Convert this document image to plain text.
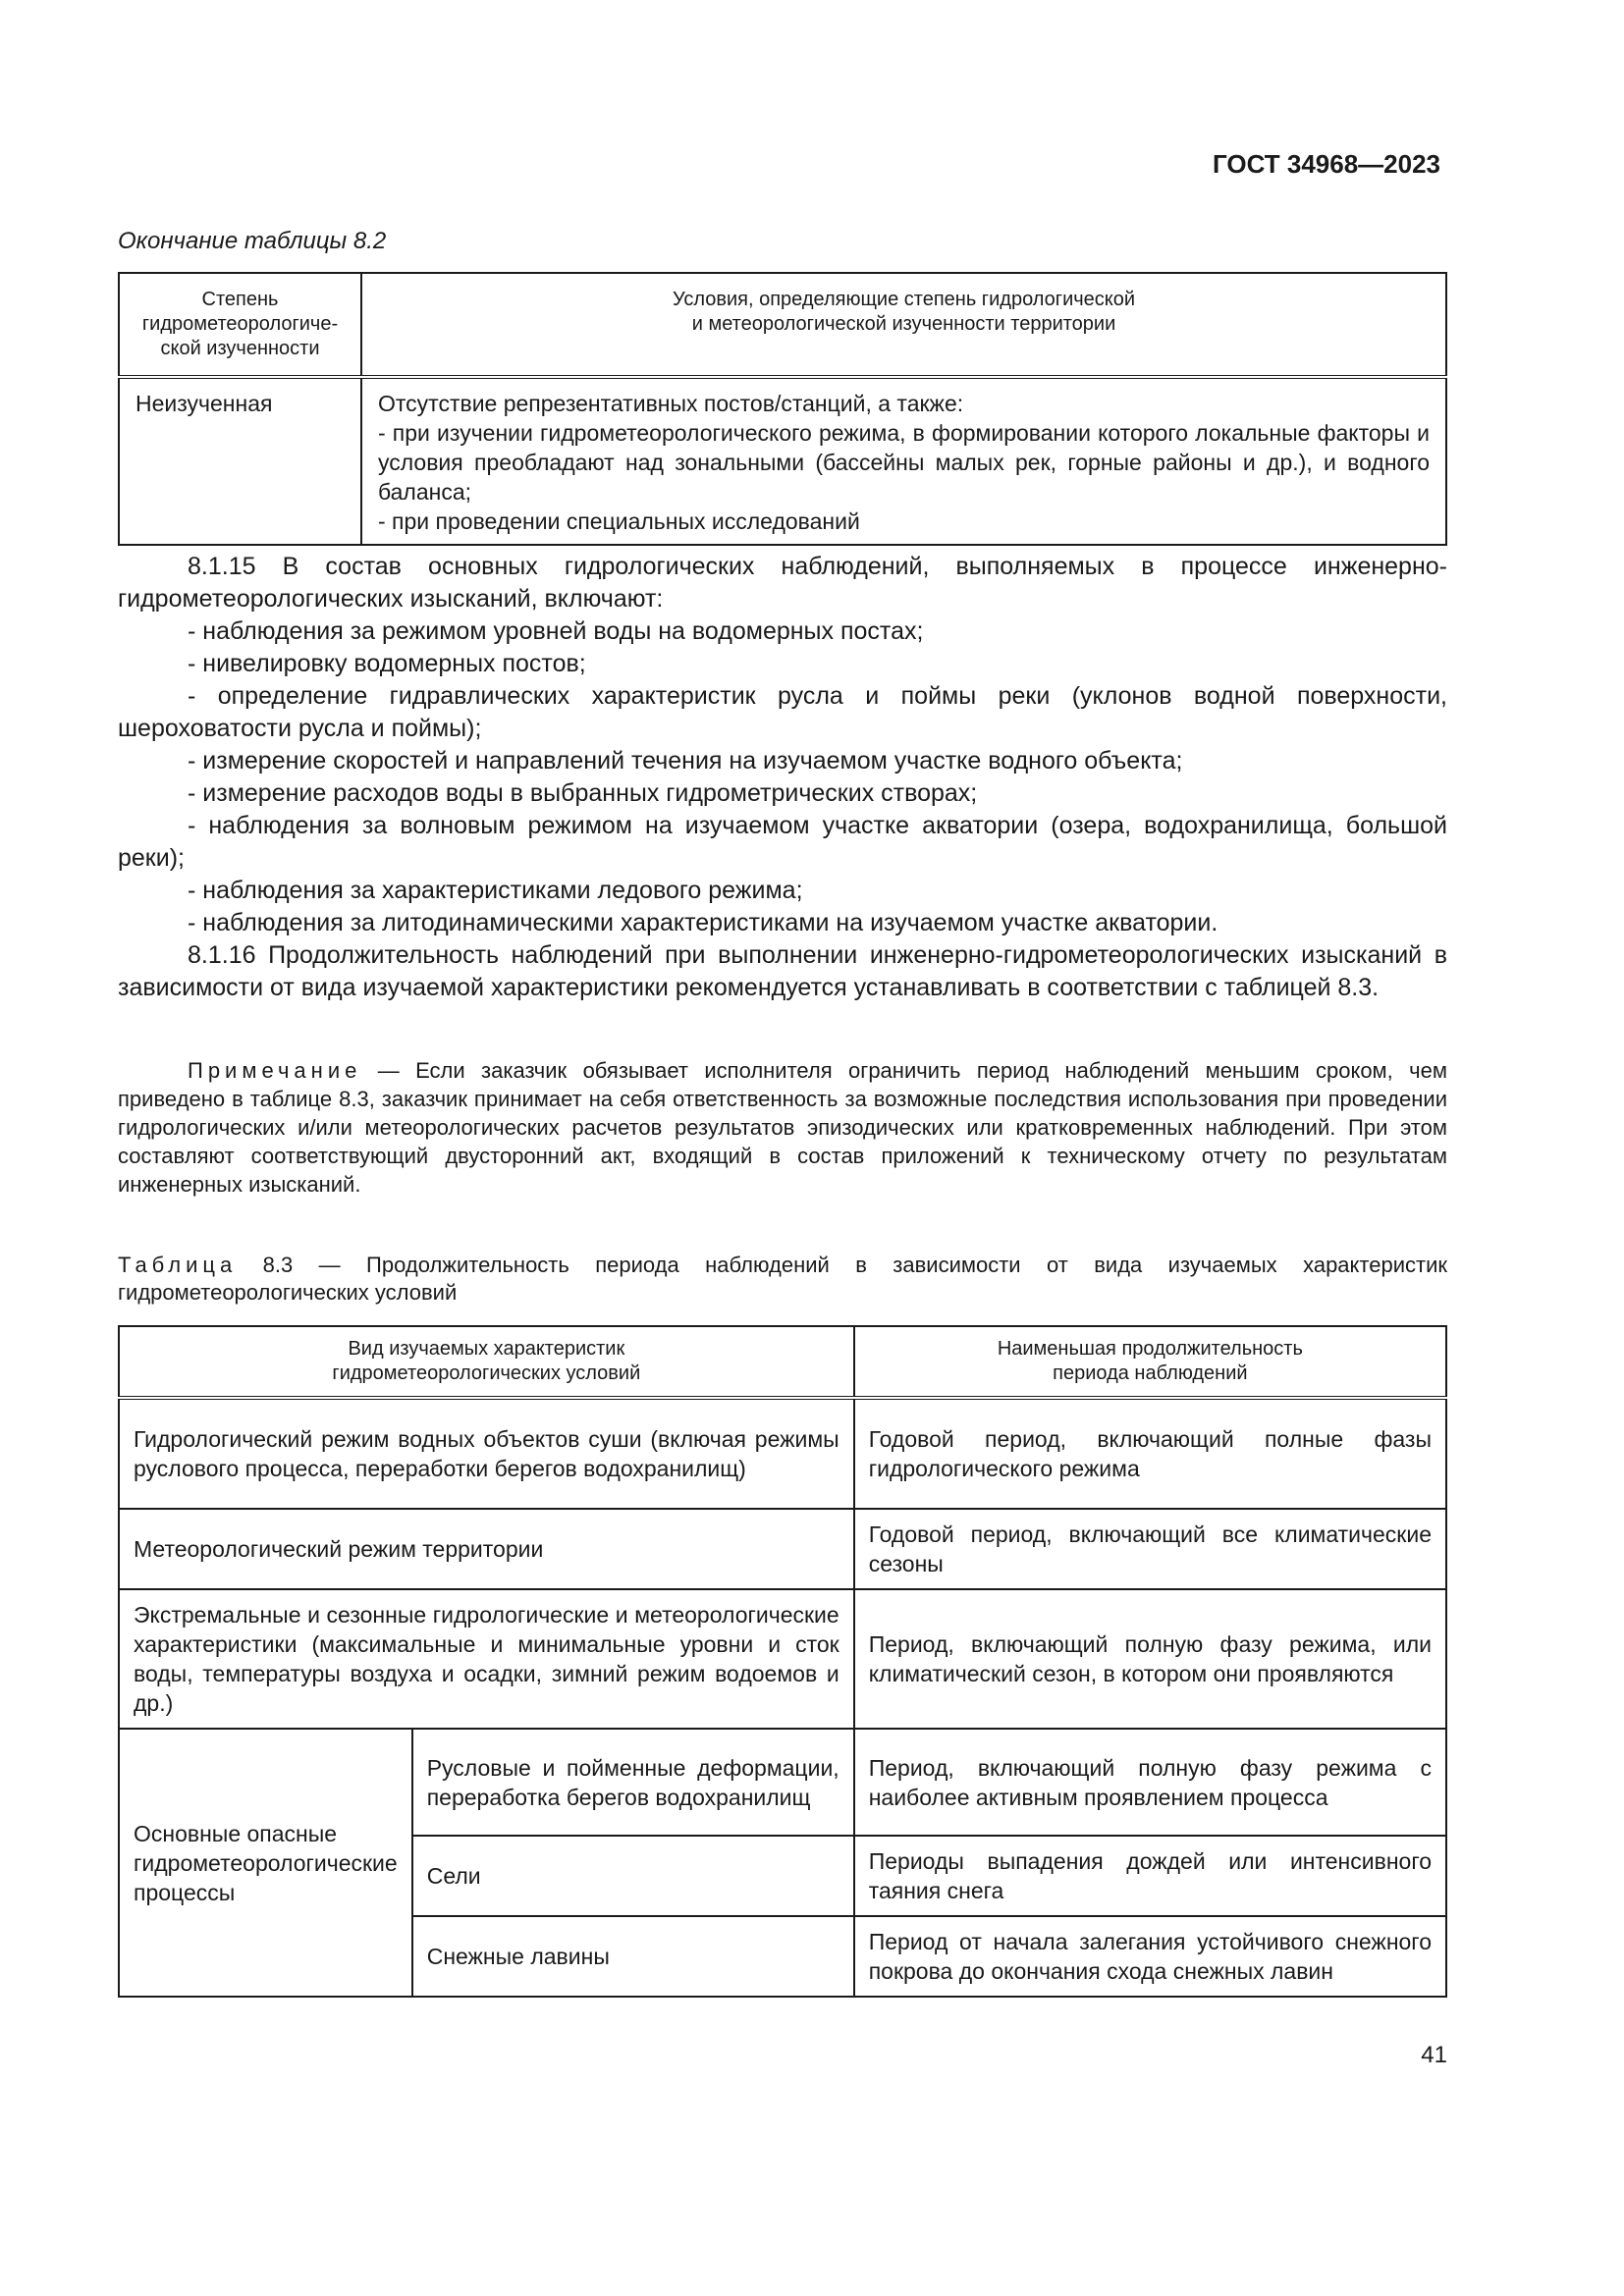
ГОСТ 34968—2023
Окончание таблицы 8.2
Степень гидрометеорологиче-
ской изученности	Условия, определяющие степень гидрологической
и метеорологической изученности территории
Неизученная	Отсутствие репрезентативных постов/станций, а также:
- при изучении гидрометеорологического режима, в формировании которого локальные факторы и условия преобладают над зональными (бассейны малых рек, горные районы и др.), и водного баланса;
- при проведении специальных исследований

8.1.15 В состав основных гидрологических наблюдений, выполняемых в процессе инженерно-гидрометеорологических изысканий, включают:

- наблюдения за режимом уровней воды на водомерных постах;

- нивелировку водомерных постов;

- определение гидравлических характеристик русла и поймы реки (уклонов водной поверхности, шероховатости русла и поймы);

- измерение скоростей и направлений течения на изучаемом участке водного объекта;

- измерение расходов воды в выбранных гидрометрических створах;

- наблюдения за волновым режимом на изучаемом участке акватории (озера, водохранилища, большой реки);

- наблюдения за характеристиками ледового режима;

- наблюдения за литодинамическими характеристиками на изучаемом участке акватории.

8.1.16 Продолжительность наблюдений при выполнении инженерно-гидрометеорологических изысканий в зависимости от вида изучаемой характеристики рекомендуется устанавливать в соответствии с таблицей 8.3.

Примечание — Если заказчик обязывает исполнителя ограничить период наблюдений меньшим сроком, чем приведено в таблице 8.3, заказчик принимает на себя ответственность за возможные последствия использования при проведении гидрологических и/или метеорологических расчетов результатов эпизодических или кратковременных наблюдений. При этом составляют соответствующий двусторонний акт, входящий в состав приложений к техническому отчету по результатам инженерных изысканий.
Таблица 8.3 — Продолжительность периода наблюдений в зависимости от вида изучаемых характеристик гидрометеорологических условий
Вид изучаемых характеристик
гидрометеорологических условий		Наименьшая продолжительность
периода наблюдений
Гидрологический режим водных объектов суши (включая режимы руслового процесса, переработки берегов водохранилищ)		Годовой период, включающий полные фазы гидрологического режима
Метеорологический режим территории		Годовой период, включающий все климатические сезоны
Экстремальные и сезонные гидрологические и метеорологические характеристики (максимальные и минимальные уровни и сток воды, температуры воздуха и осадки, зимний режим водоемов и др.)		Период, включающий полную фазу режима, или климатический сезон, в котором они проявляются
Основные опасные гидрометеорологические процессы	Русловые и пойменные деформации, переработка берегов водохранилищ	Период, включающий полную фазу режима с наиболее активным проявлением процесса
	Сели	Периоды выпадения дождей или интенсивного таяния снега
	Снежные лавины	Период от начала залегания устойчивого снежного покрова до окончания схода снежных лавин
41
